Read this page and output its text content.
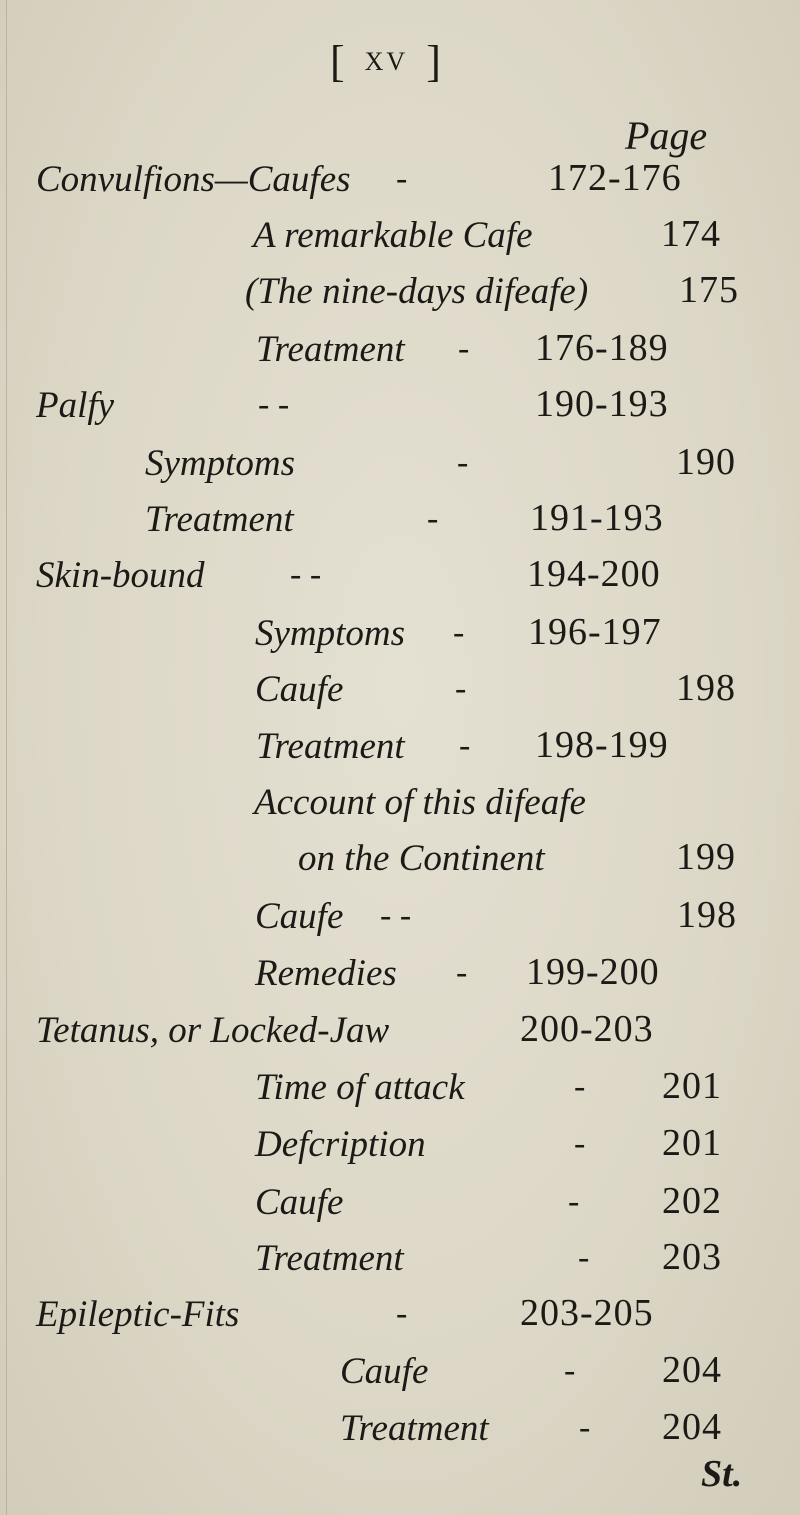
[ XV ]
Page
Convulfions—Caufes -	172-176
A remarkable Cafe	174
(The nine-days difeafe) 175
Treatment - 176-189
Palfy	- -	190-193
Symptoms	-	190
Treatment	- 191-193
Skin-bound	- -	194-200
Symptoms - 196-197
Caufe	-	198
Treatment - 198-199
Account of this difeafe
on the Continent	199
Caufe - -	198
Remedies - 199-200
Tetanus, or Locked-Jaw	200-203
Time of attack	- 201
Defcription	- 201
Caufe	- 202
Treatment	- 203
Epileptic-Fits	-	203-205
Caufe	- 204
Treatment	- 204
St.
